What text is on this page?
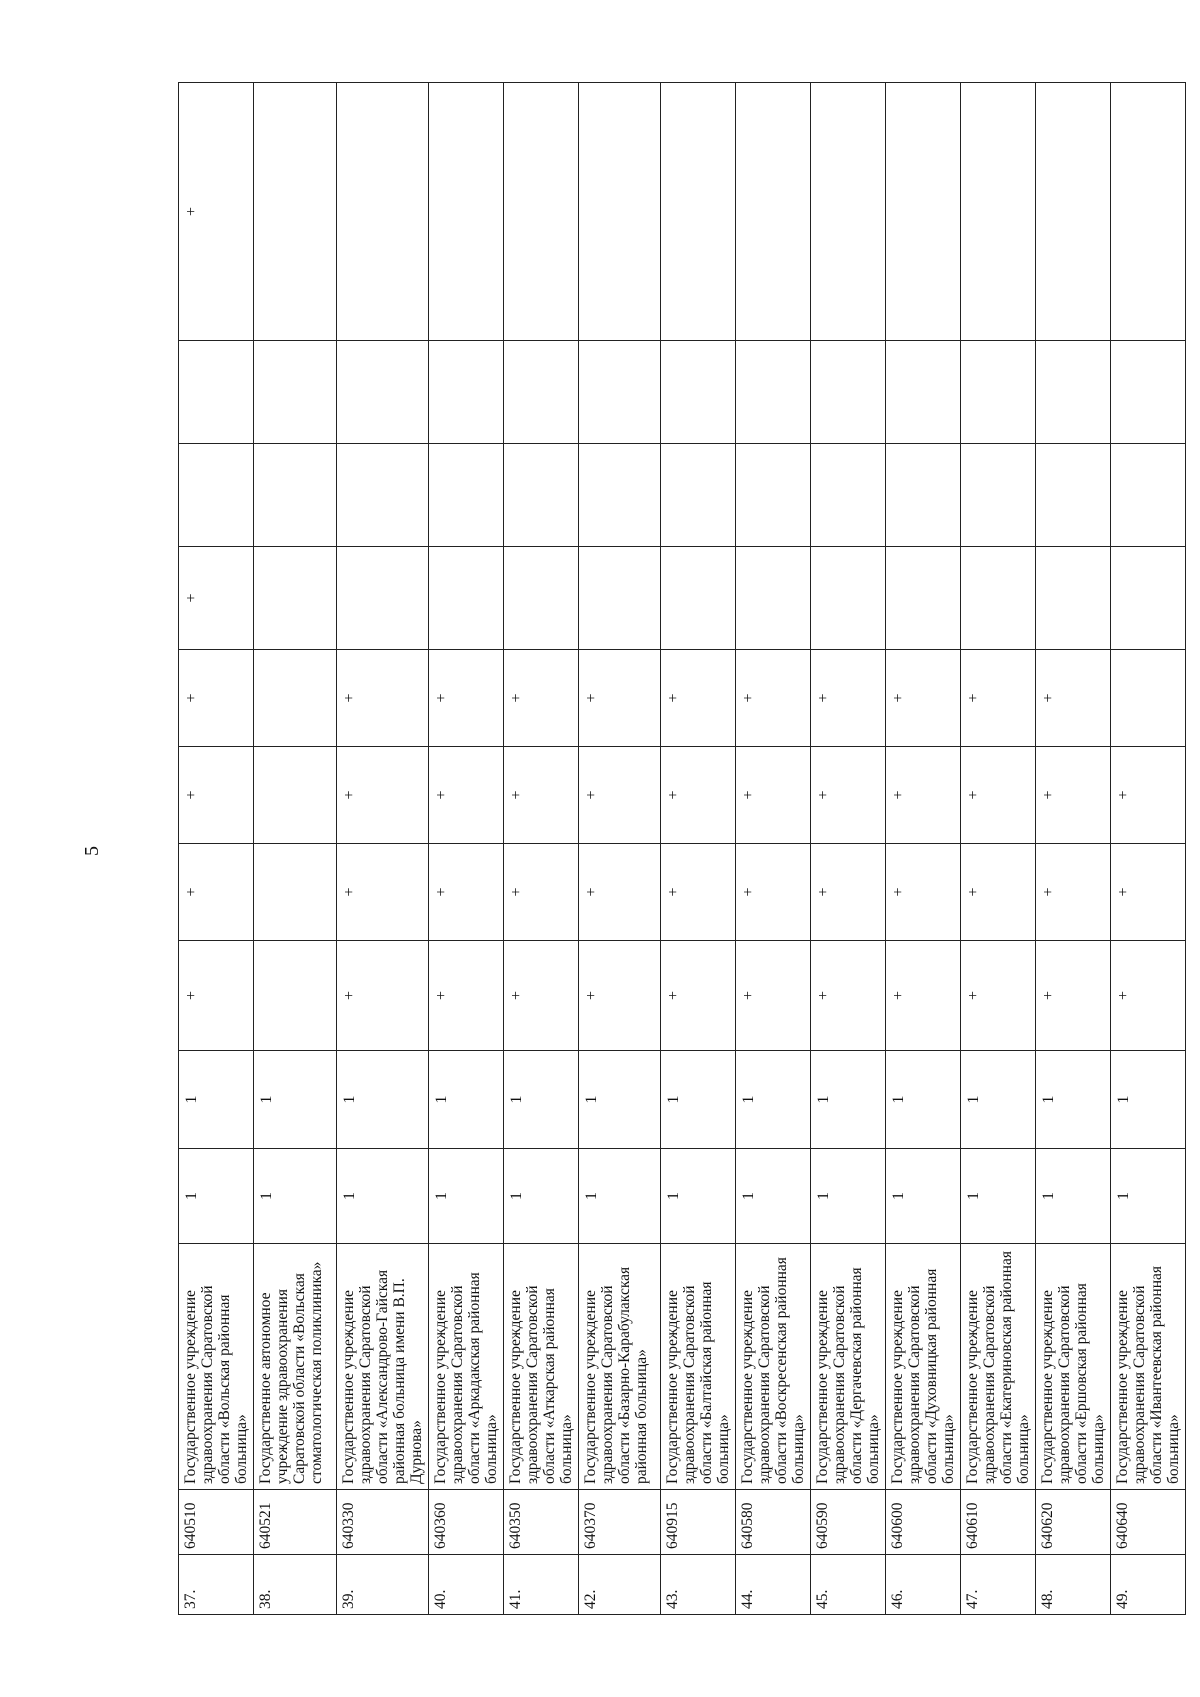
5
37.	640510	Государственное учреждение здравоохранения Саратовской области «Вольская районная больница»	1	1	+	+	+	+	+			+
38.	640521	Государственное автономное учреждение здравоохранения Саратовской области «Вольская стоматологическая поликлиника»	1	1								
39.	640330	Государственное учреждение здравоохранения Саратовской области «Александрово-Гайская районная больница имени В.П. Дурнова»	1	1	+	+	+	+				
40.	640360	Государственное учреждение здравоохранения Саратовской области «Аркадакская районная больница»	1	1	+	+	+	+				
41.	640350	Государственное учреждение здравоохранения Саратовской области «Аткарская районная больница»	1	1	+	+	+	+				
42.	640370	Государственное учреждение здравоохранения Саратовской области «Базарно-Карабулакская районная больница»	1	1	+	+	+	+				
43.	640915	Государственное учреждение здравоохранения Саратовской области «Балтайская районная больница»	1	1	+	+	+	+				
44.	640580	Государственное учреждение здравоохранения Саратовской области «Воскресенская районная больница»	1	1	+	+	+	+				
45.	640590	Государственное учреждение здравоохранения Саратовской области «Дергачевская районная больница»	1	1	+	+	+	+				
46.	640600	Государственное учреждение здравоохранения Саратовской области «Духовницкая районная больница»	1	1	+	+	+	+				
47.	640610	Государственное учреждение здравоохранения Саратовской области «Екатериновская районная больница»	1	1	+	+	+	+				
48.	640620	Государственное учреждение здравоохранения Саратовской области «Ершовская районная больница»	1	1	+	+	+	+				
49.	640640	Государственное учреждение здравоохранения Саратовской области «Ивантеевская районная больница»	1	1	+	+	+					
